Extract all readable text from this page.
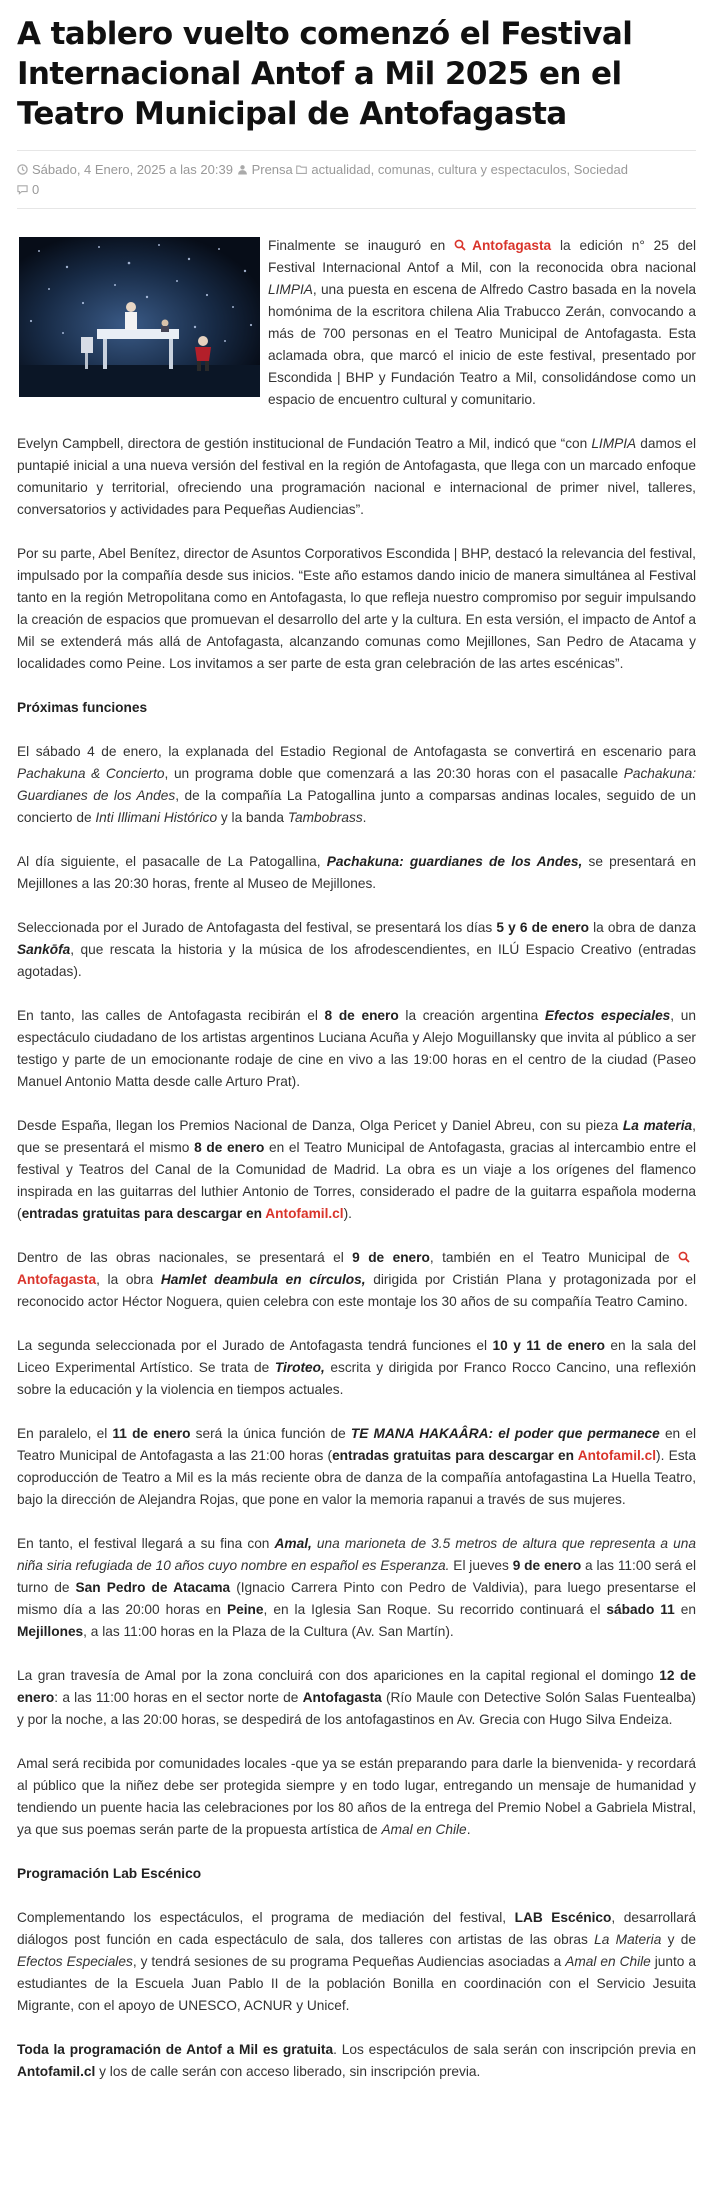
A tablero vuelto comenzó el Festival Internacional Antof a Mil 2025 en el Teatro Municipal de Antofagasta
Sábado, 4 Enero, 2025 a las 20:39 Prensa actualidad, comunas, cultura y espectaculos, Sociedad
0

Finalmente se inauguró en Antofagasta la edición n° 25 del Festival Internacional Antof a Mil, con la reconocida obra nacional LIMPIA, una puesta en escena de Alfredo Castro basada en la novela homónima de la escritora chilena Alia Trabucco Zerán, convocando a más de 700 personas en el Teatro Municipal de Antofagasta. Esta aclamada obra, que marcó el inicio de este festival, presentado por Escondida | BHP y Fundación Teatro a Mil, consolidándose como un espacio de encuentro cultural y comunitario.

Evelyn Campbell, directora de gestión institucional de Fundación Teatro a Mil, indicó que “con LIMPIA damos el puntapié inicial a una nueva versión del festival en la región de Antofagasta, que llega con un marcado enfoque comunitario y territorial, ofreciendo una programación nacional e internacional de primer nivel, talleres, conversatorios y actividades para Pequeñas Audiencias”.

Por su parte, Abel Benítez, director de Asuntos Corporativos Escondida | BHP, destacó la relevancia del festival, impulsado por la compañía desde sus inicios. “Este año estamos dando inicio de manera simultánea al Festival tanto en la región Metropolitana como en Antofagasta, lo que refleja nuestro compromiso por seguir impulsando la creación de espacios que promuevan el desarrollo del arte y la cultura. En esta versión, el impacto de Antof a Mil se extenderá más allá de Antofagasta, alcanzando comunas como Mejillones, San Pedro de Atacama y localidades como Peine. Los invitamos a ser parte de esta gran celebración de las artes escénicas”.

Próximas funciones

El sábado 4 de enero, la explanada del Estadio Regional de Antofagasta se convertirá en escenario para Pachakuna & Concierto, un programa doble que comenzará a las 20:30 horas con el pasacalle Pachakuna: Guardianes de los Andes, de la compañía La Patogallina junto a comparsas andinas locales, seguido de un concierto de Inti Illimani Histórico y la banda Tambobrass.

Al día siguiente, el pasacalle de La Patogallina, Pachakuna: guardianes de los Andes, se presentará en Mejillones a las 20:30 horas, frente al Museo de Mejillones.

Seleccionada por el Jurado de Antofagasta del festival, se presentará los días 5 y 6 de enero la obra de danza Sankōfa, que rescata la historia y la música de los afrodescendientes, en ILÚ Espacio Creativo (entradas agotadas).

En tanto, las calles de Antofagasta recibirán el 8 de enero la creación argentina Efectos especiales, un espectáculo ciudadano de los artistas argentinos Luciana Acuña y Alejo Moguillansky que invita al público a ser testigo y parte de un emocionante rodaje de cine en vivo a las 19:00 horas en el centro de la ciudad (Paseo Manuel Antonio Matta desde calle Arturo Prat).

Desde España, llegan los Premios Nacional de Danza, Olga Pericet y Daniel Abreu, con su pieza La materia, que se presentará el mismo 8 de enero en el Teatro Municipal de Antofagasta, gracias al intercambio entre el festival y Teatros del Canal de la Comunidad de Madrid. La obra es un viaje a los orígenes del flamenco inspirada en las guitarras del luthier Antonio de Torres, considerado el padre de la guitarra española moderna (entradas gratuitas para descargar en Antofamil.cl).

Dentro de las obras nacionales, se presentará el 9 de enero, también en el Teatro Municipal de Antofagasta, la obra Hamlet deambula en círculos, dirigida por Cristián Plana y protagonizada por el reconocido actor Héctor Noguera, quien celebra con este montaje los 30 años de su compañía Teatro Camino.

La segunda seleccionada por el Jurado de Antofagasta tendrá funciones el 10 y 11 de enero en la sala del Liceo Experimental Artístico. Se trata de Tiroteo, escrita y dirigida por Franco Rocco Cancino, una reflexión sobre la educación y la violencia en tiempos actuales.

En paralelo, el 11 de enero será la única función de TE MANA HAKAÂRA: el poder que permanece en el Teatro Municipal de Antofagasta a las 21:00 horas (entradas gratuitas para descargar en Antofamil.cl). Esta coproducción de Teatro a Mil es la más reciente obra de danza de la compañía antofagastina La Huella Teatro, bajo la dirección de Alejandra Rojas, que pone en valor la memoria rapanui a través de sus mujeres.

En tanto, el festival llegará a su fina con Amal, una marioneta de 3.5 metros de altura que representa a una niña siria refugiada de 10 años cuyo nombre en español es Esperanza. El jueves 9 de enero a las 11:00 será el turno de San Pedro de Atacama (Ignacio Carrera Pinto con Pedro de Valdivia), para luego presentarse el mismo día a las 20:00 horas en Peine, en la Iglesia San Roque. Su recorrido continuará el sábado 11 en Mejillones, a las 11:00 horas en la Plaza de la Cultura (Av. San Martín).

La gran travesía de Amal por la zona concluirá con dos apariciones en la capital regional el domingo 12 de enero: a las 11:00 horas en el sector norte de Antofagasta (Río Maule con Detective Solón Salas Fuentealba) y por la noche, a las 20:00 horas, se despedirá de los antofagastinos en Av. Grecia con Hugo Silva Endeiza.

Amal será recibida por comunidades locales -que ya se están preparando para darle la bienvenida- y recordará al público que la niñez debe ser protegida siempre y en todo lugar, entregando un mensaje de humanidad y tendiendo un puente hacia las celebraciones por los 80 años de la entrega del Premio Nobel a Gabriela Mistral, ya que sus poemas serán parte de la propuesta artística de Amal en Chile.

Programación Lab Escénico

Complementando los espectáculos, el programa de mediación del festival, LAB Escénico, desarrollará diálogos post función en cada espectáculo de sala, dos talleres con artistas de las obras La Materia y de Efectos Especiales, y tendrá sesiones de su programa Pequeñas Audiencias asociadas a Amal en Chile junto a estudiantes de la Escuela Juan Pablo II de la población Bonilla en coordinación con el Servicio Jesuita Migrante, con el apoyo de UNESCO, ACNUR y Unicef.

Toda la programación de Antof a Mil es gratuita. Los espectáculos de sala serán con inscripción previa en Antofamil.cl y los de calle serán con acceso liberado, sin inscripción previa.
